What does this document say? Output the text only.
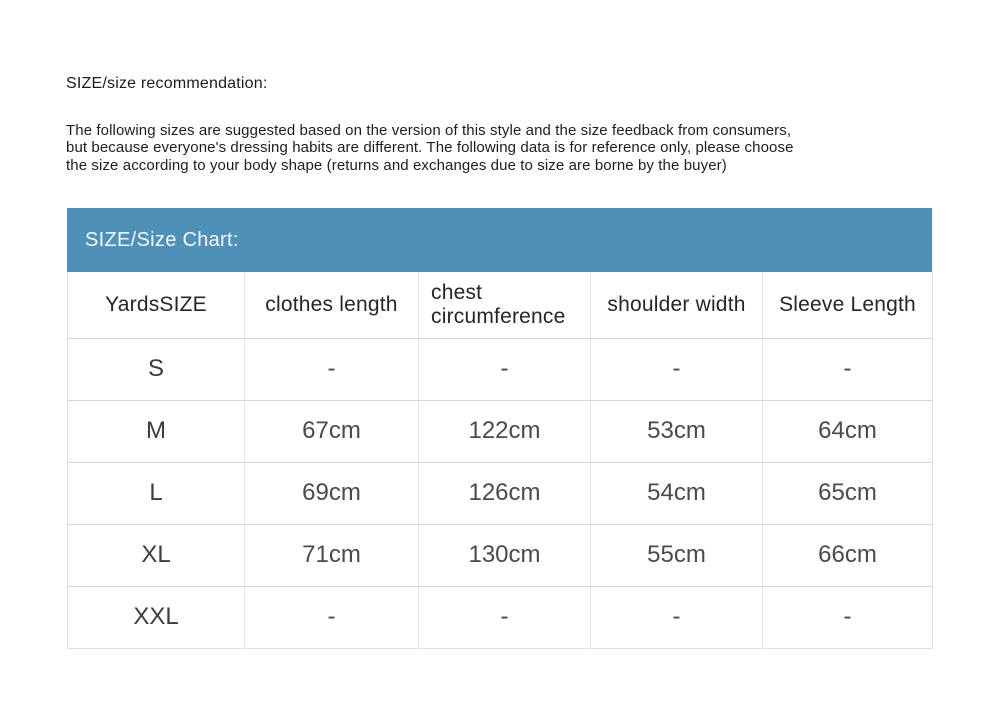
SIZE/size recommendation:
The following sizes are suggested based on the version of this style and the size feedback from consumers,
but because everyone's dressing habits are different. The following data is for reference only, please choose
the size according to your body shape (returns and exchanges due to size are borne by the buyer)
SIZE/Size Chart:
YardsSIZE	clothes length	chest circumference	shoulder width	Sleeve Length
S	-	-	-	-
M	67cm	122cm	53cm	64cm
L	69cm	126cm	54cm	65cm
XL	71cm	130cm	55cm	66cm
XXL	-	-	-	-
